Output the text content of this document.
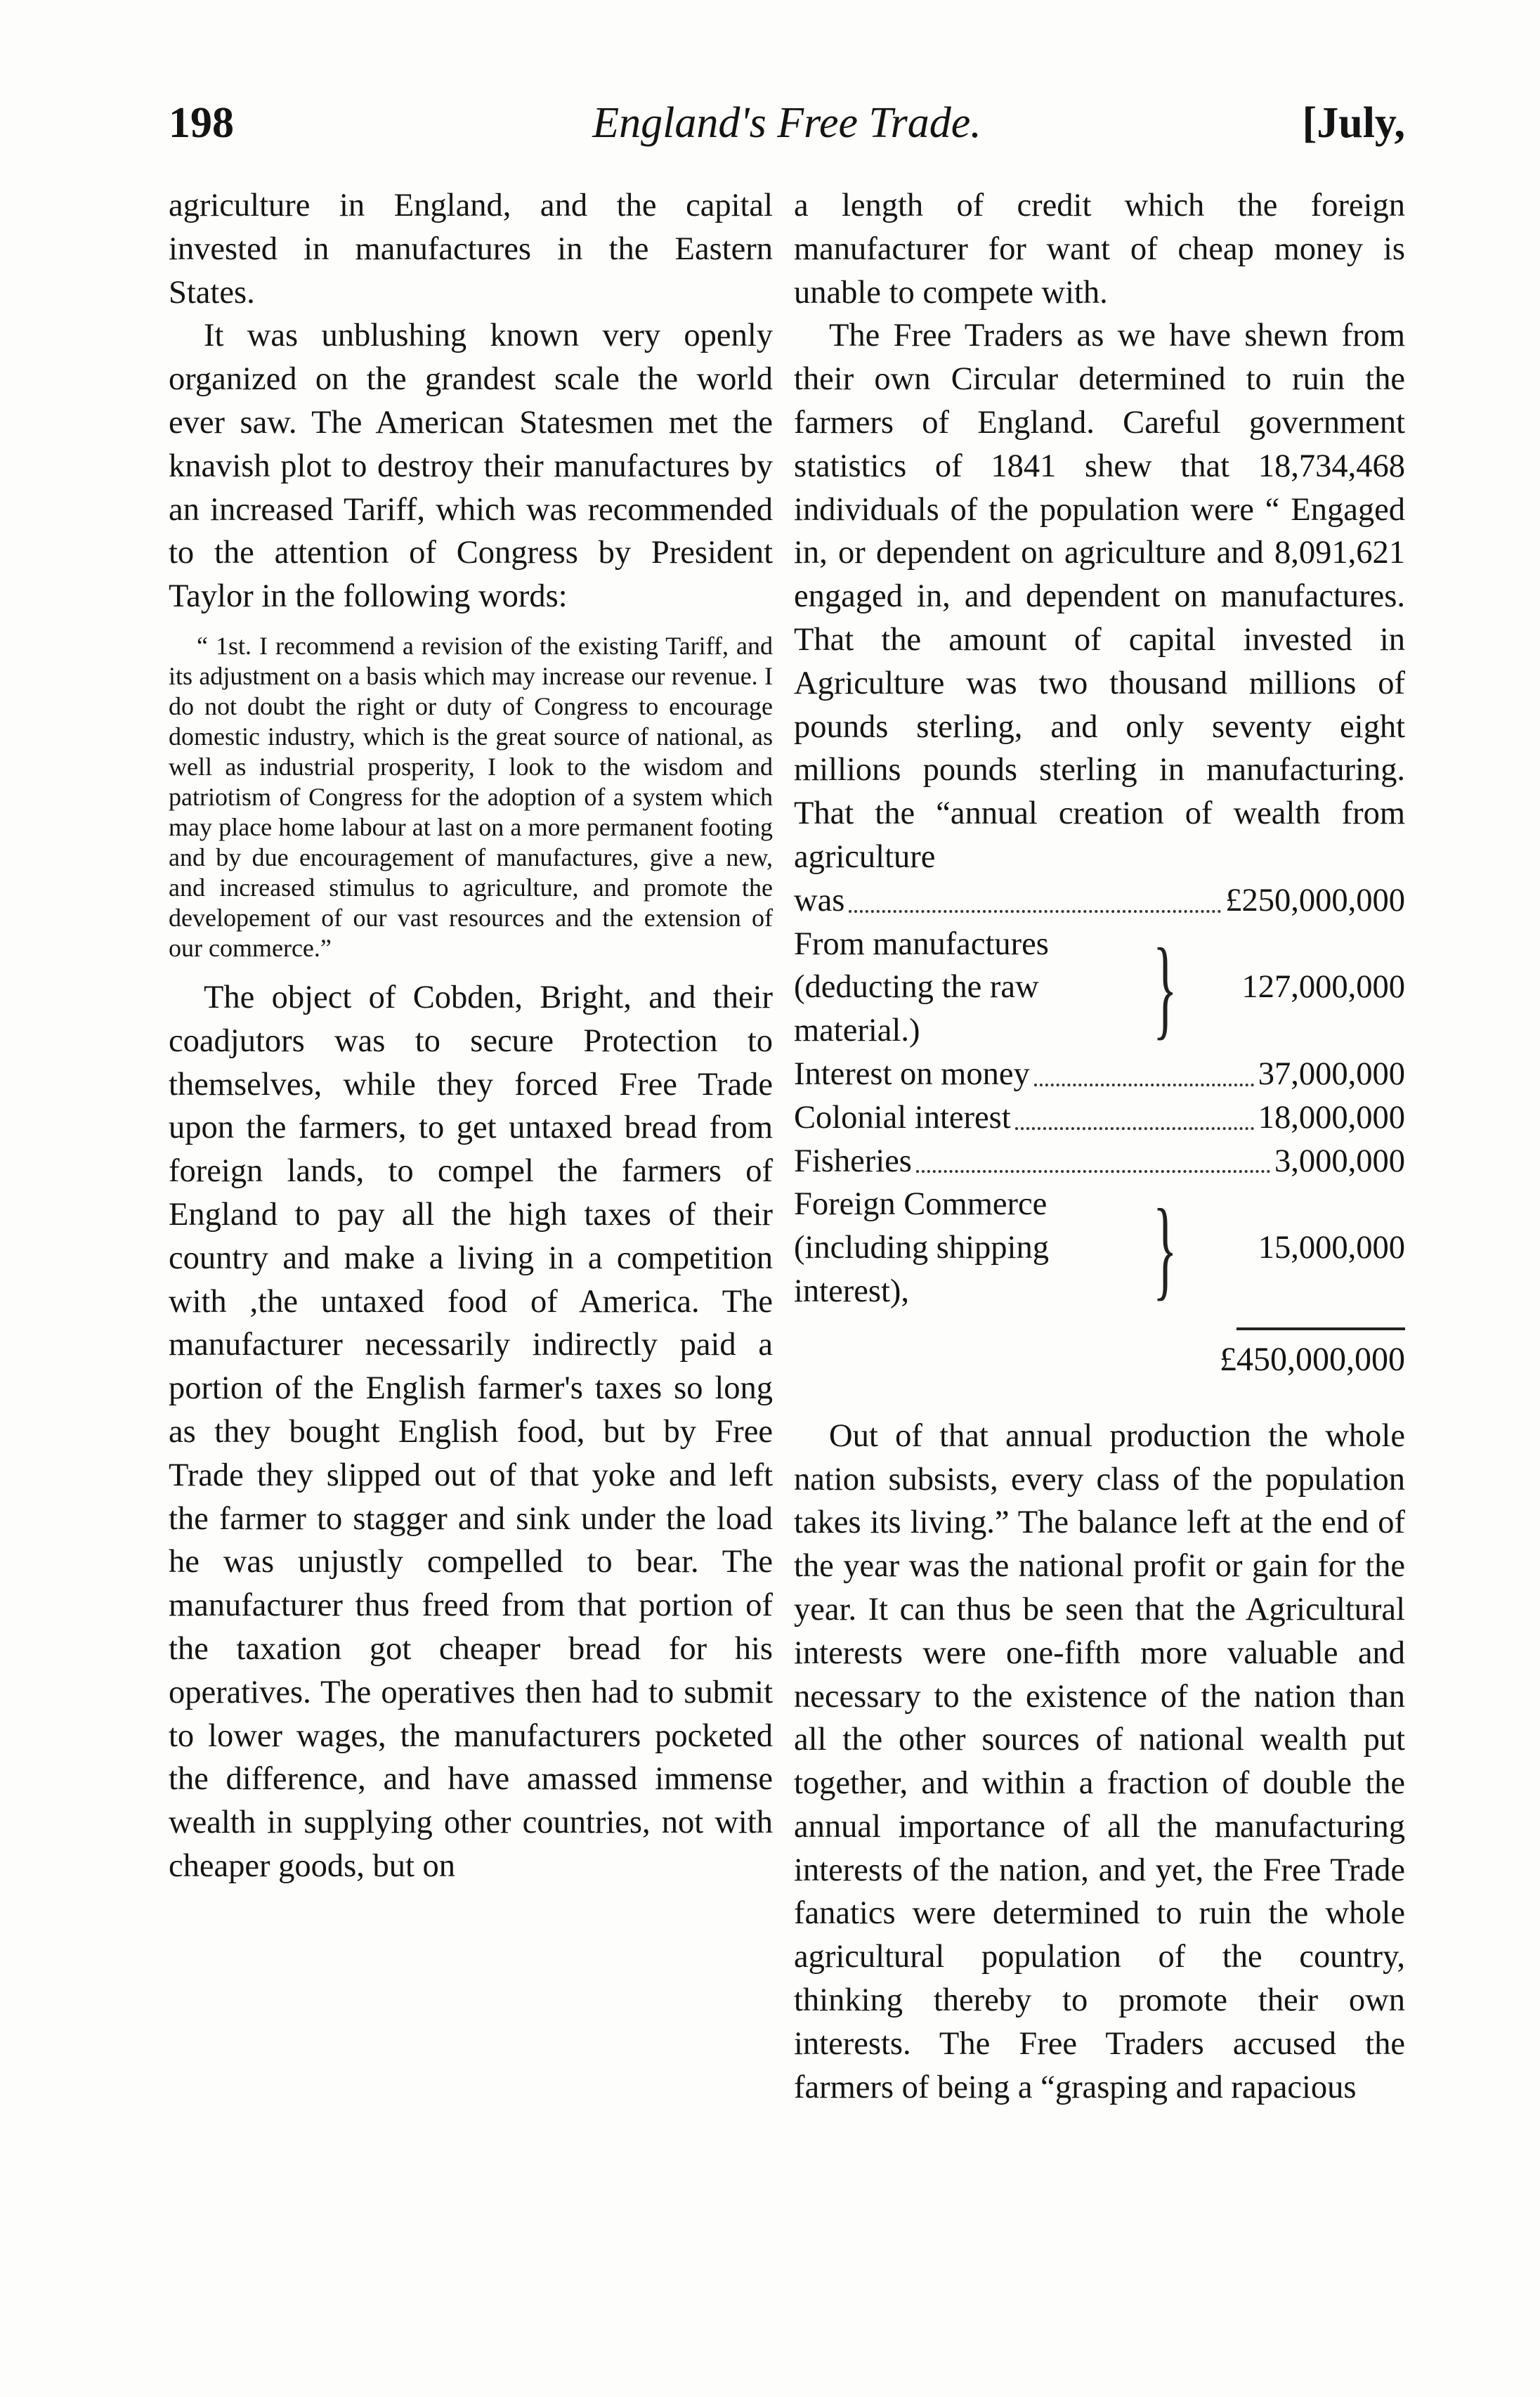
198	England's Free Trade.	[July,

agriculture in England, and the capital invested in manufactures in the Eastern States.

It was unblushing known very openly organized on the grandest scale the world ever saw. The American Statesmen met the knavish plot to destroy their manufactures by an increased Tariff, which was recommended to the attention of Congress by President Taylor in the following words:

“ 1st. I recommend a revision of the existing Tariff, and its adjustment on a basis which may increase our revenue. I do not doubt the right or duty of Congress to encourage domestic industry, which is the great source of national, as well as industrial prosperity, I look to the wisdom and patriotism of Congress for the adoption of a system which may place home labour at last on a more permanent footing and by due encouragement of manufactures, give a new, and increased stimulus to agriculture, and promote the developement of our vast resources and the extension of our commerce.”

The object of Cobden, Bright, and their coadjutors was to secure Protection to themselves, while they forced Free Trade upon the farmers, to get untaxed bread from foreign lands, to compel the farmers of England to pay all the high taxes of their country and make a living in a competition with ,the untaxed food of America. The manufacturer necessarily indirectly paid a portion of the English farmer's taxes so long as they bought English food, but by Free Trade they slipped out of that yoke and left the farmer to stagger and sink under the load he was unjustly compelled to bear. The manufacturer thus freed from that portion of the taxation got cheaper bread for his operatives. The operatives then had to submit to lower wages, the manufacturers pocketed the difference, and have amassed immense wealth in supplying other countries, not with cheaper goods, but on

a length of credit which the foreign manufacturer for want of cheap money is unable to compete with.

The Free Traders as we have shewn from their own Circular determined to ruin the farmers of England. Careful government statistics of 1841 shew that 18,734,468 individuals of the population were “ Engaged in, or dependent on agriculture and 8,091,621 engaged in, and dependent on manufactures. That the amount of capital invested in Agriculture was two thousand millions of pounds sterling, and only seventy eight millions pounds sterling in manufacturing. That the “annual creation of wealth from agriculture

was	£250,000,000
From manufactures
(deducting the raw
material.)	}	127,000,000
Interest on money	37,000,000
Colonial interest	18,000,000
Fisheries	3,000,000
Foreign Commerce
(including shipping
interest),	}	15,000,000
£450,000,000

Out of that annual production the whole nation subsists, every class of the population takes its living.” The balance left at the end of the year was the national profit or gain for the year. It can thus be seen that the Agricultural interests were one-fifth more valuable and necessary to the existence of the nation than all the other sources of national wealth put together, and within a fraction of double the annual importance of all the manufacturing interests of the nation, and yet, the Free Trade fanatics were determined to ruin the whole agricultural population of the country, thinking thereby to promote their own interests. The Free Traders accused the farmers of being a “grasping and rapacious
